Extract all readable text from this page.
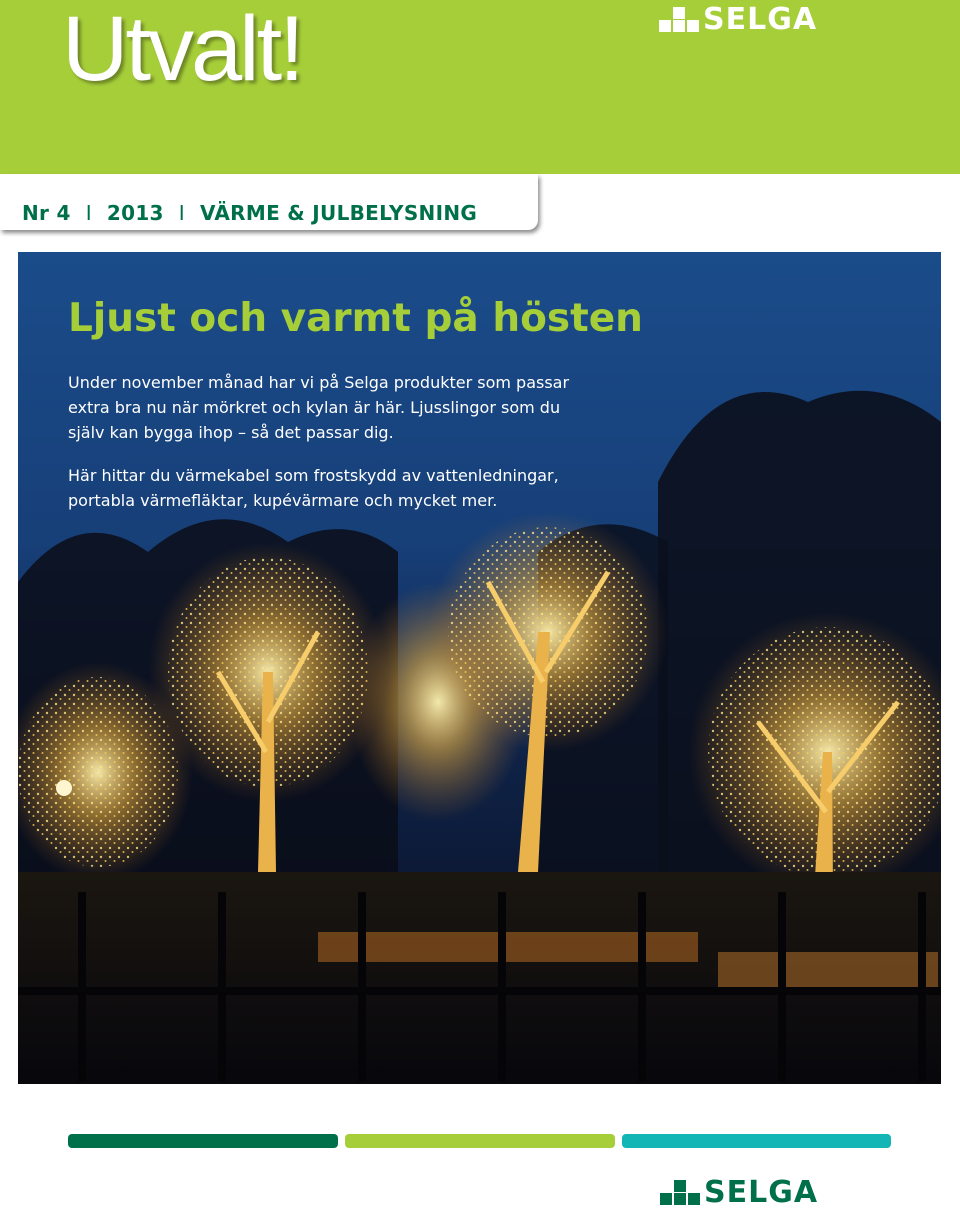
Utvalt!	SELGA
Nr 4 I 2013 I VÄRME & JULBELYSNING
Ljust och varmt på hösten

Under november månad har vi på Selga produkter som passar
extra bra nu när mörkret och kylan är här. Ljusslingor som du
själv kan bygga ihop – så det passar dig.

Här hittar du värmekabel som frostskydd av vattenledningar,
portabla värmefläktar, kupévärmare och mycket mer.

SELGA
